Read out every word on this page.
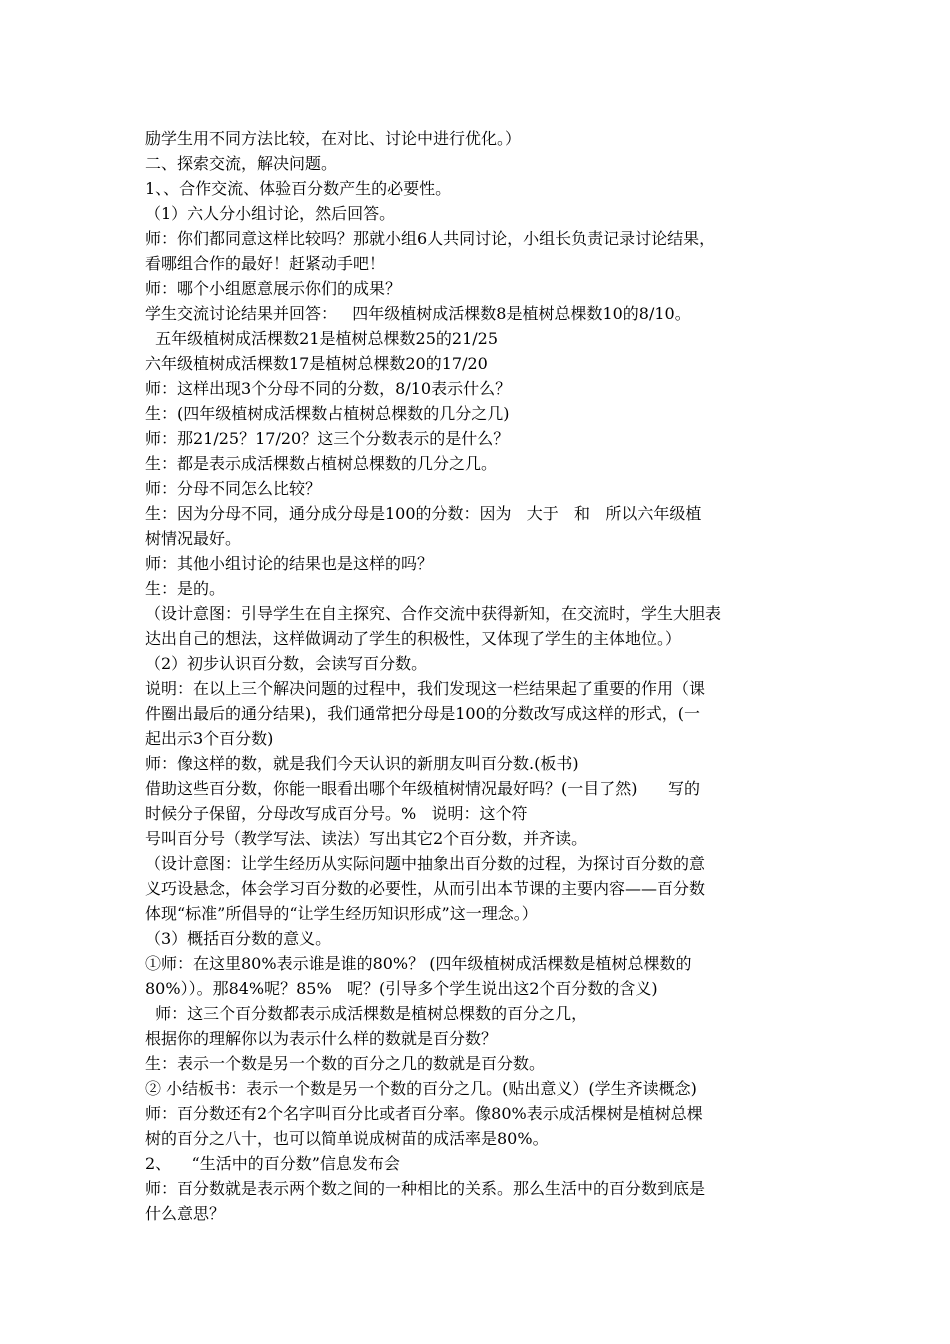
励学生用不同方法比较，在对比、讨论中进行优化。）
二、探索交流，解决问题。
1、、合作交流、体验百分数产生的必要性。
（1）六人分小组讨论，然后回答。
师：你们都同意这样比较吗？那就小组6人共同讨论，小组长负责记录讨论结果，
看哪组合作的最好！赶紧动手吧！
师：哪个小组愿意展示你们的成果？
学生交流讨论结果并回答：   四年级植树成活棵数8是植树总棵数10的8/10。
五年级植树成活棵数21是植树总棵数25的21/25
六年级植树成活棵数17是植树总棵数20的17/20
师：这样出现3个分母不同的分数，8/10表示什么？
生：(四年级植树成活棵数占植树总棵数的几分之几)
师：那21/25？17/20？这三个分数表示的是什么？
生：都是表示成活棵数占植树总棵数的几分之几。
师：分母不同怎么比较？
生：因为分母不同，通分成分母是100的分数：因为   大于   和   所以六年级植
树情况最好。
师：其他小组讨论的结果也是这样的吗？
生：是的。
（设计意图：引导学生在自主探究、合作交流中获得新知，在交流时，学生大胆表
达出自己的想法，这样做调动了学生的积极性，又体现了学生的主体地位。）
（2）初步认识百分数，会读写百分数。
说明：在以上三个解决问题的过程中，我们发现这一栏结果起了重要的作用（课
件圈出最后的通分结果)，我们通常把分母是100的分数改写成这样的形式，(一
起出示3个百分数)
师：像这样的数，就是我们今天认识的新朋友叫百分数.(板书)
借助这些百分数，你能一眼看出哪个年级植树情况最好吗？(一目了然)      写的
时候分子保留，分母改写成百分号。%   说明：这个符
号叫百分号（教学写法、读法）写出其它2个百分数，并齐读。
（设计意图：让学生经历从实际问题中抽象出百分数的过程，为探讨百分数的意
义巧设悬念，体会学习百分数的必要性，从而引出本节课的主要内容——百分数
体现“标准”所倡导的“让学生经历知识形成”这一理念。）
（3）概括百分数的意义。
①师：在这里80%表示谁是谁的80%？ (四年级植树成活棵数是植树总棵数的
80%））。那84%呢？85%   呢？(引导多个学生说出这2个百分数的含义)
师：这三个百分数都表示成活棵数是植树总棵数的百分之几，
根据你的理解你以为表示什么样的数就是百分数？
生：表示一个数是另一个数的百分之几的数就是百分数。
② 小结板书：表示一个数是另一个数的百分之几。(贴出意义）(学生齐读概念)
师：百分数还有2个名字叫百分比或者百分率。像80%表示成活棵树是植树总棵
树的百分之八十，也可以简单说成树苗的成活率是80%。
2、    “生活中的百分数”信息发布会
师：百分数就是表示两个数之间的一种相比的关系。那么生活中的百分数到底是
什么意思？
